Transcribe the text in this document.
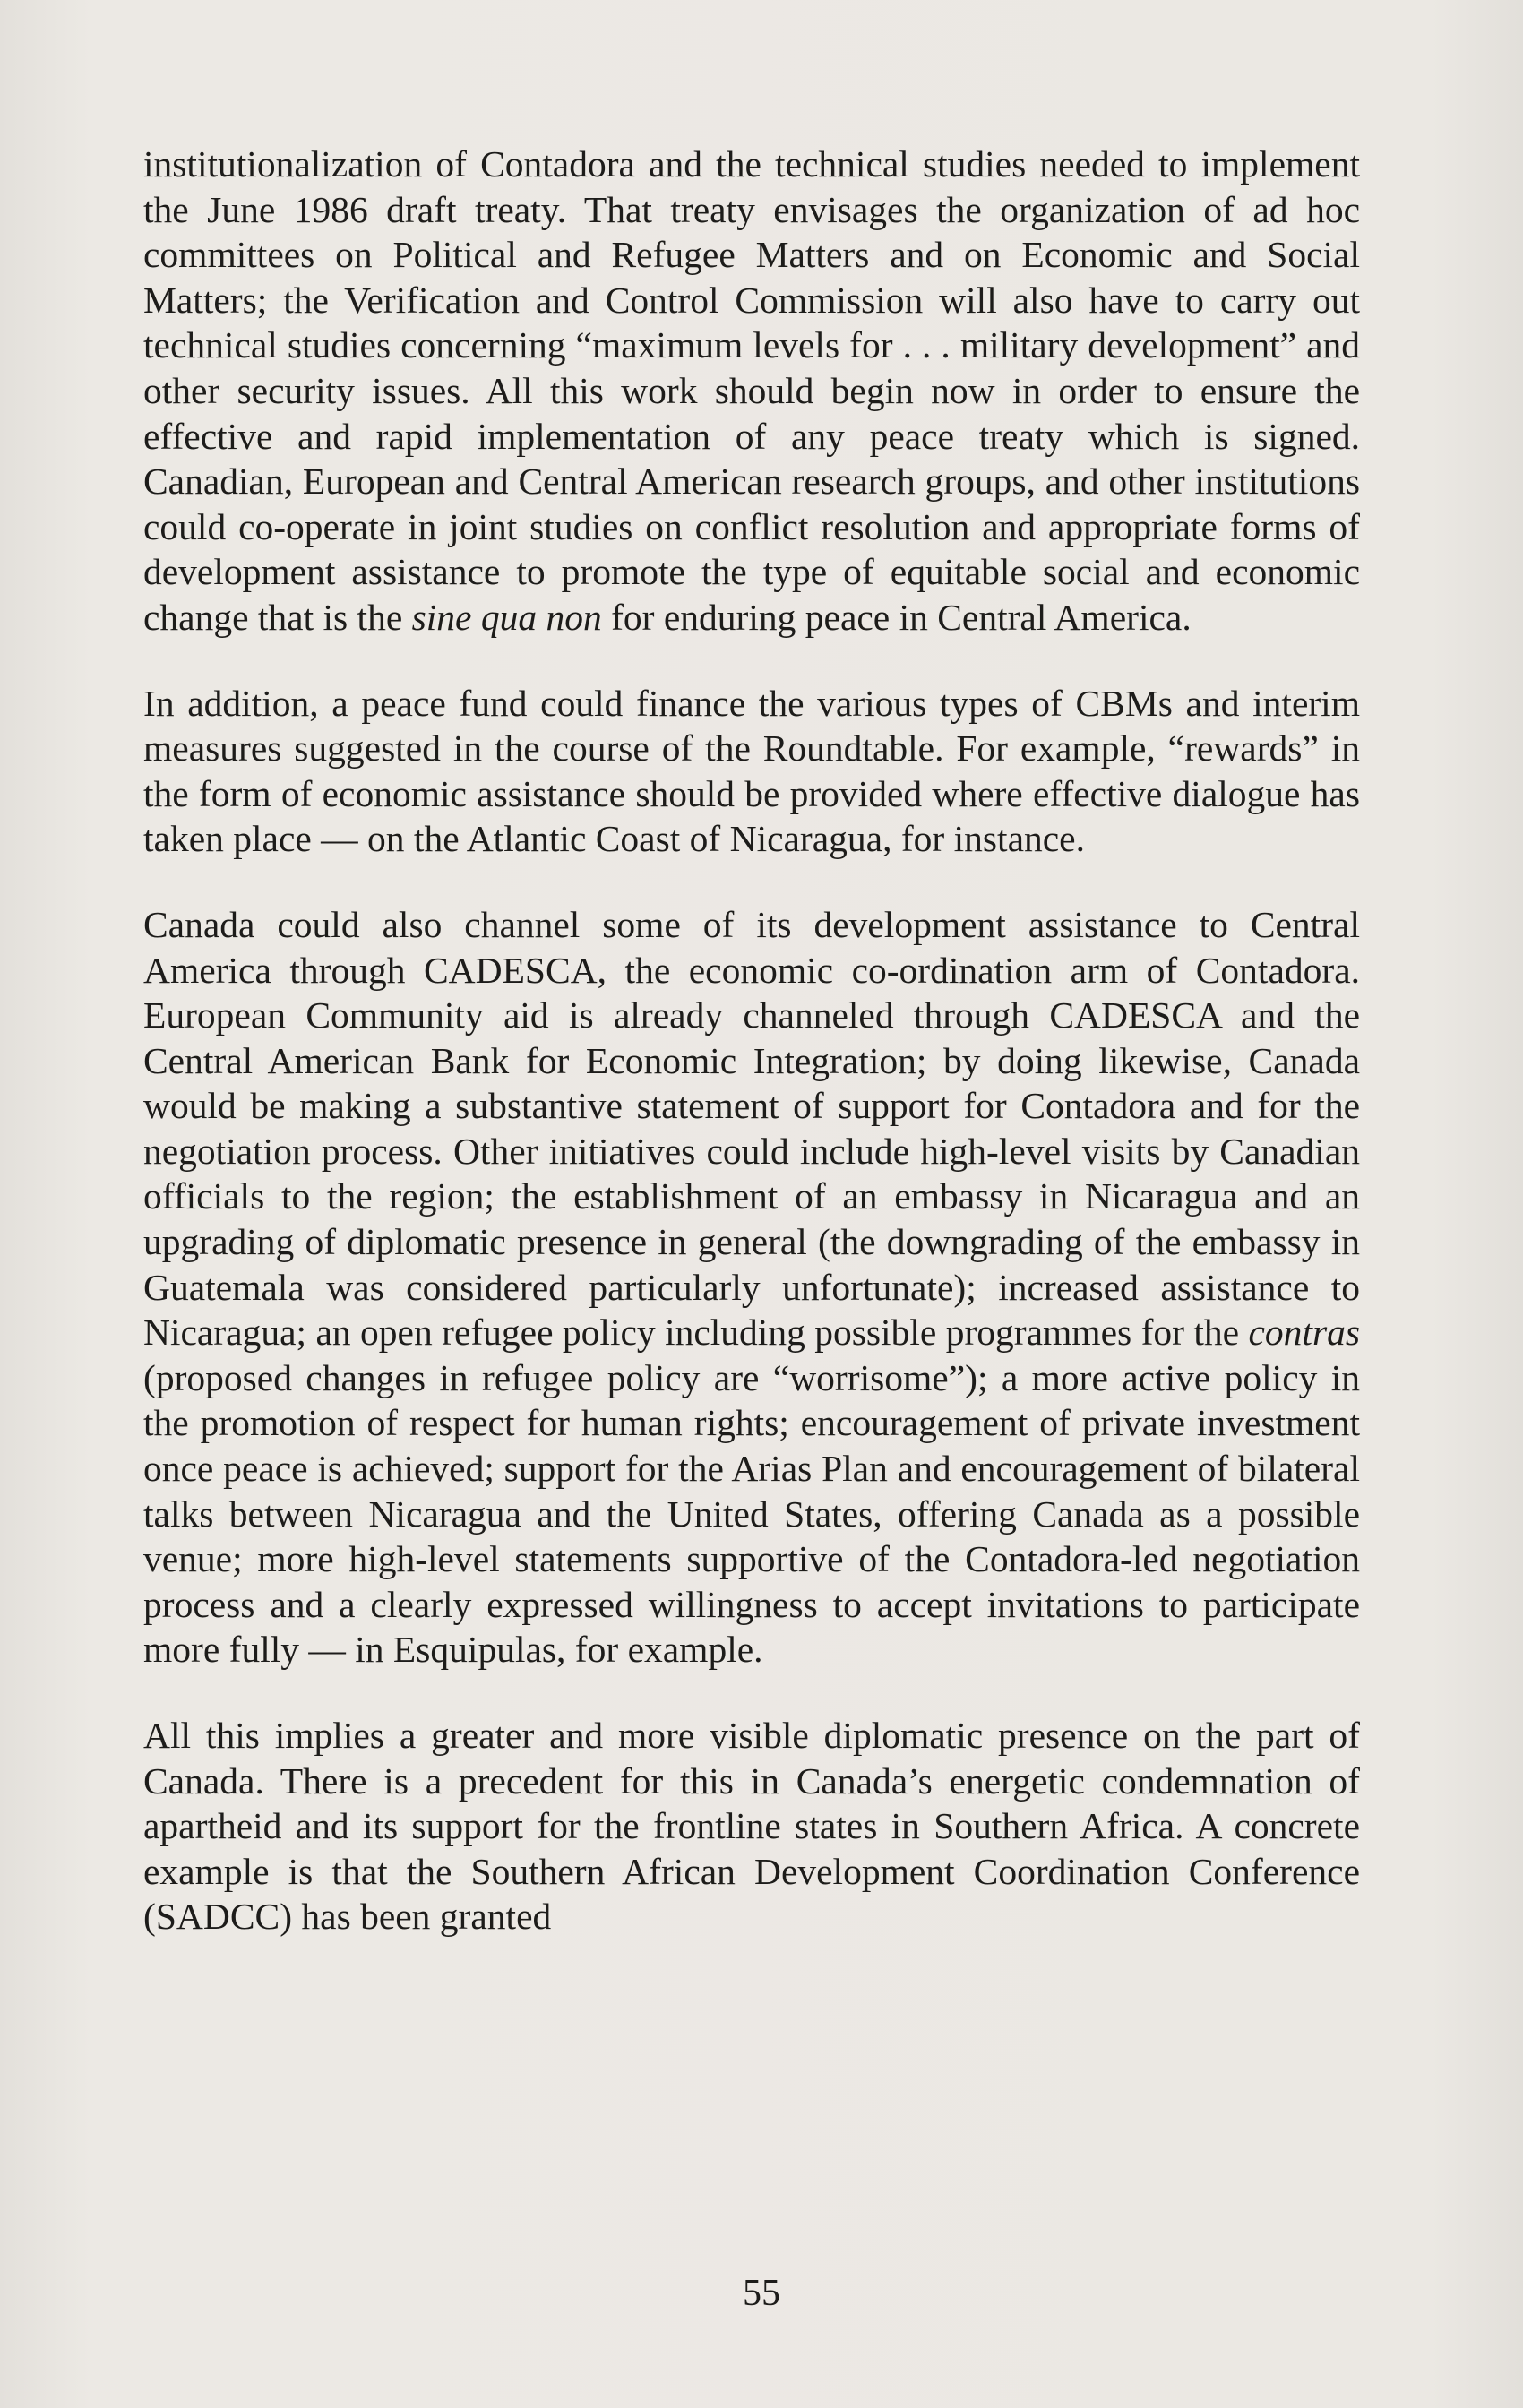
institutionalization of Contadora and the technical studies needed to implement the June 1986 draft treaty. That treaty envisages the organization of ad hoc committees on Political and Refugee Matters and on Economic and Social Matters; the Verification and Control Commission will also have to carry out technical studies concerning “maximum levels for . . . military development” and other security issues. All this work should begin now in order to ensure the effective and rapid implementation of any peace treaty which is signed. Canadian, European and Central American research groups, and other institutions could co-operate in joint studies on conflict resolution and appropriate forms of development assistance to promote the type of equitable social and economic change that is the sine qua non for enduring peace in Central America.

In addition, a peace fund could finance the various types of CBMs and interim measures suggested in the course of the Roundtable. For example, “rewards” in the form of economic assistance should be provided where effective dialogue has taken place — on the Atlantic Coast of Nicaragua, for instance.

Canada could also channel some of its development assistance to Central America through CADESCA, the economic co-ordination arm of Contadora. European Community aid is already channeled through CADESCA and the Central American Bank for Economic Integration; by doing likewise, Canada would be making a substantive statement of support for Contadora and for the negotiation process. Other initiatives could include high-level visits by Canadian officials to the region; the establishment of an embassy in Nicaragua and an upgrading of diplomatic presence in general (the downgrading of the embassy in Guatemala was considered particularly unfortunate); increased assistance to Nicaragua; an open refugee policy including possible programmes for the contras (proposed changes in refugee policy are “worrisome”); a more active policy in the promotion of respect for human rights; encouragement of private investment once peace is achieved; support for the Arias Plan and encouragement of bilateral talks between Nicaragua and the United States, offering Canada as a possible venue; more high-level statements supportive of the Contadora-led negotiation process and a clearly expressed willingness to accept invitations to participate more fully — in Esquipulas, for example.

All this implies a greater and more visible diplomatic presence on the part of Canada. There is a precedent for this in Canada’s energetic condemnation of apartheid and its support for the frontline states in Southern Africa. A concrete example is that the Southern African Development Coordination Conference (SADCC) has been granted

55
